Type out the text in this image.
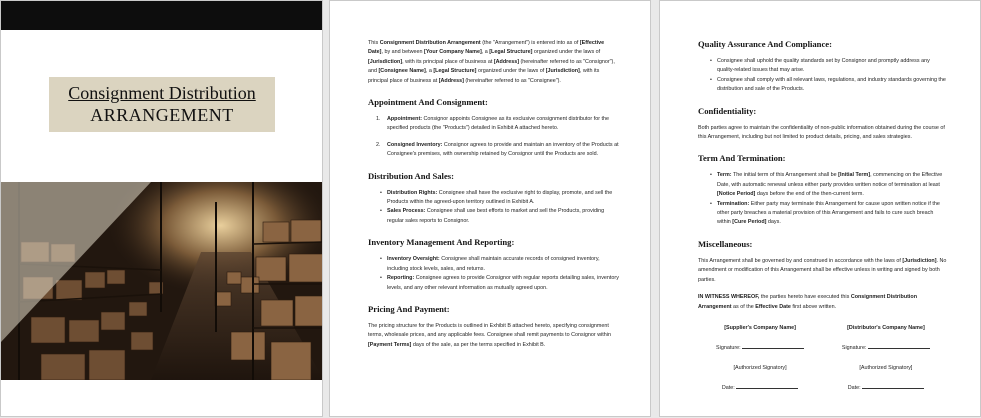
Consignment Distribution
ARRANGEMENT

This Consignment Distribution Arrangement (the "Arrangement") is entered into as of [Effective Date], by and between [Your Company Name], a [Legal Structure] organized under the laws of [Jurisdiction], with its principal place of business at [Address] (hereinafter referred to as "Consignor"), and [Consignee Name], a [Legal Structure] organized under the laws of [Jurisdiction], with its principal place of business at [Address] (hereinafter referred to as "Consignee").

Appointment And Consignment:
1. Appointment: Consignor appoints Consignee as its exclusive consignment distributor for the specified products (the "Products") detailed in Exhibit A attached hereto.
2. Consigned Inventory: Consignor agrees to provide and maintain an inventory of the Products at Consignee's premises, with ownership retained by Consignor until the Products are sold.
Distribution And Sales:
• Distribution Rights: Consignee shall have the exclusive right to display, promote, and sell the Products within the agreed-upon territory outlined in Exhibit A.
• Sales Process: Consignee shall use best efforts to market and sell the Products, providing regular sales reports to Consignor.
Inventory Management And Reporting:
• Inventory Oversight: Consignee shall maintain accurate records of consigned inventory, including stock levels, sales, and returns.
• Reporting: Consignee agrees to provide Consignor with regular reports detailing sales, inventory levels, and any other relevant information as mutually agreed upon.
Pricing And Payment:

The pricing structure for the Products is outlined in Exhibit B attached hereto, specifying consignment terms, wholesale prices, and any applicable fees. Consignee shall remit payments to Consignor within [Payment Terms] days of the sale, as per the terms specified in Exhibit B.

Quality Assurance And Compliance:
• Consignee shall uphold the quality standards set by Consignor and promptly address any quality-related issues that may arise.
• Consignee shall comply with all relevant laws, regulations, and industry standards governing the distribution and sale of the Products.
Confidentiality:

Both parties agree to maintain the confidentiality of non-public information obtained during the course of this Arrangement, including but not limited to product details, pricing, and sales strategies.

Term And Termination:
• Term: The initial term of this Arrangement shall be [Initial Term], commencing on the Effective Date, with automatic renewal unless either party provides written notice of termination at least [Notice Period] days before the end of the then-current term.
• Termination: Either party may terminate this Arrangement for cause upon written notice if the other party breaches a material provision of this Arrangement and fails to cure such breach within [Cure Period] days.
Miscellaneous:

This Arrangement shall be governed by and construed in accordance with the laws of [Jurisdiction]. No amendment or modification of this Arrangement shall be effective unless in writing and signed by both parties.

IN WITNESS WHEREOF, the parties hereto have executed this Consignment Distribution Arrangement as of the Effective Date first above written.

[Supplier's Company Name]
Signature:
[Authorized Signatory]
Date:
[Distributor's Company Name]
Signature:
[Authorized Signatory]
Date:
